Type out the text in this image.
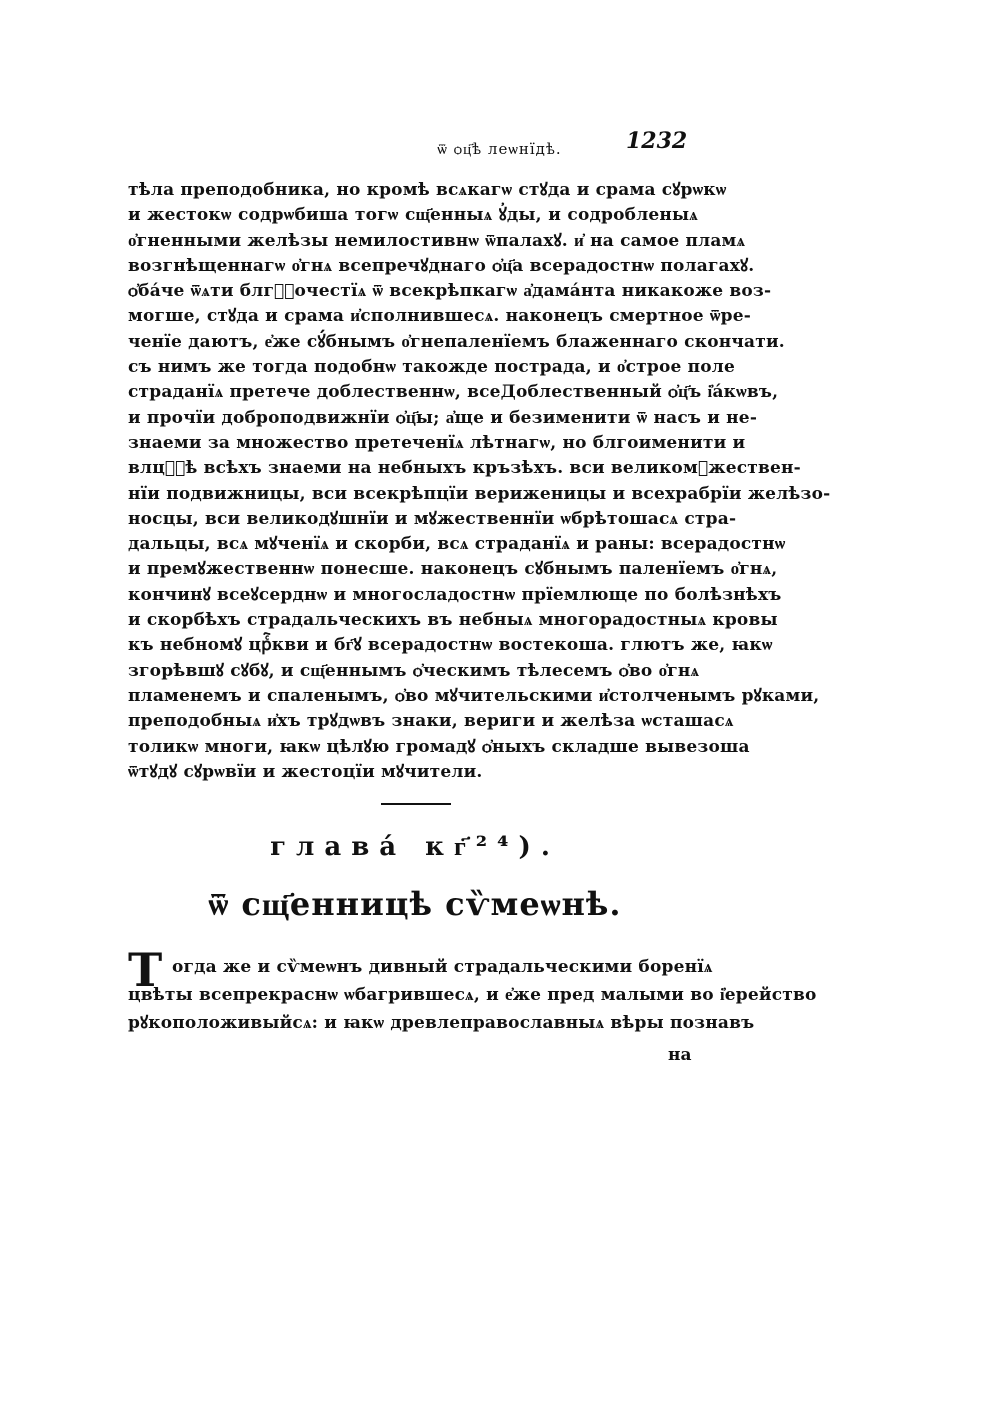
ѿ ѻц҃ѣ леѡнїдѣ.	1232
тѣла преподобника, но кромѣ всѧкагѡ стꙋда и срама сꙋрѡкѡ
и жестокѡ содрѡбиша тогѡ сщ҃енныѧ ꙋ҆ды, и содробленыѧ
о҆гненными желѣзы немилостивнѡ ѿпалахꙋ. и҆ на самое пламѧ
возгнѣщеннагѡ о҆гнѧ всепречꙋднаго ѻ҆ц҃а всерадостнѡ полагахꙋ.
ѻ҆ба́че ѿѧти блгⷭ҇очестїѧ ѿ всекрѣпкагѡ а҆дама́нта никакоже воз-
могше, стꙋда и срама и҆сполнившесѧ. наконецъ смертное ѿре-
ченїе даютъ, е҆же сꙋ́бнымъ о҆гнепаленїемъ блаженнаго скончати.
съ нимъ же тогда подобнѡ такожде пострада, и о҆строе поле
страданїѧ претече доблественнѡ, всеДоблественный ѻ҆ц҃ъ і҆а́кѡвъ,
и прочїи доброподвижнїи ѻ҆ц҃ы; а҆ще и безименити ѿ насъ и не-
знаеми за множество претеченїѧ лѣтнагѡ, но блгоименити и
влцⷭ҇ѣ всѣхъ знаеми на небныхъ кръзѣхъ. вси великомꙋжествен-
нїи подвижницы, вси всекрѣпцїи вериженицы и всехрабрїи желѣзо-
носцы, вси великодꙋшнїи и мꙋжественнїи ѡбрѣтошасѧ стра-
дальцы, всѧ мꙋченїѧ и скорби, всѧ страданїѧ и раны: всерадостнѡ
и премꙋжественнѡ понесше. наконецъ сꙋбнымъ паленїемъ о҆гнѧ,
кончинꙋ всеꙋсерднѡ и многосладостнѡ прїемлюще по болѣзнѣхъ
и скорбѣхъ страдальческихъ въ небныѧ многорадостныѧ кровы
къ небномꙋ црⷭ҇кви и бг҃ꙋ всерадостнѡ востекоша. глютъ же, ꙗкѡ
згорѣвшꙋ сꙋбꙋ, и сщ҃еннымъ ѻ҆ческимъ тѣлесемъ ѻ҆во о҆гнѧ
пламенемъ и спаленымъ, ѻ҆во мꙋчительскими и҆столченымъ рꙋками,
преподобныѧ и҆хъ трꙋдѡвъ знаки, вериги и желѣза ѡсташасѧ
толикѡ многи, ꙗкѡ цѣлꙋю громадꙋ ѻ҆ныхъ складше вывезоша
ѿтꙋдꙋ сꙋрѡвїи и жестоцїи мꙋчители.
глава́ кг҃²⁴).
ѿ сщ҃енницѣ сѷмеѡнѣ.
Т огда же и сѷмеѡнъ дивный страдальческими боренїѧ
цвѣты всепрекраснѡ ѡбагрившесѧ, и е҆же пред малыми во і҆ерейство
рꙋкоположивыйсѧ: и ꙗкѡ древлеправославныѧ вѣры познавъ
на
